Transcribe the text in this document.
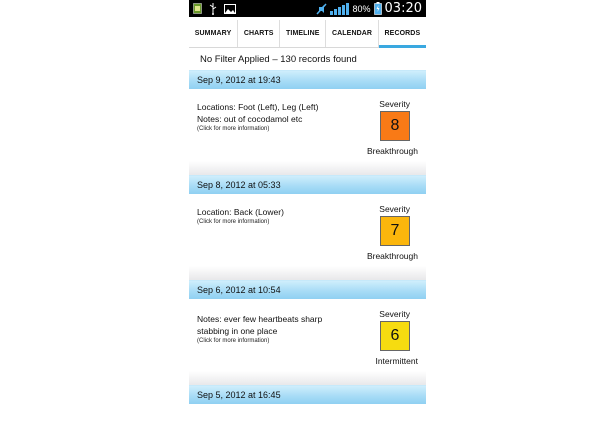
80% 03:20
SUMMARY	CHARTS	TIMELINE	CALENDAR	RECORDS
No Filter Applied – 130 records found
Sep 9, 2012 at 19:43
Locations: Foot (Left), Leg (Left)
Notes: out of cocodamol etc
(Click for more information)
Severity
8
Breakthrough
Sep 8, 2012 at 05:33
Location: Back (Lower)
(Click for more information)
Severity
7
Breakthrough
Sep 6, 2012 at 10:54
Notes: ever few heartbeats sharp
stabbing in one place
(Click for more information)
Severity
6
Intermittent
Sep 5, 2012 at 16:45
